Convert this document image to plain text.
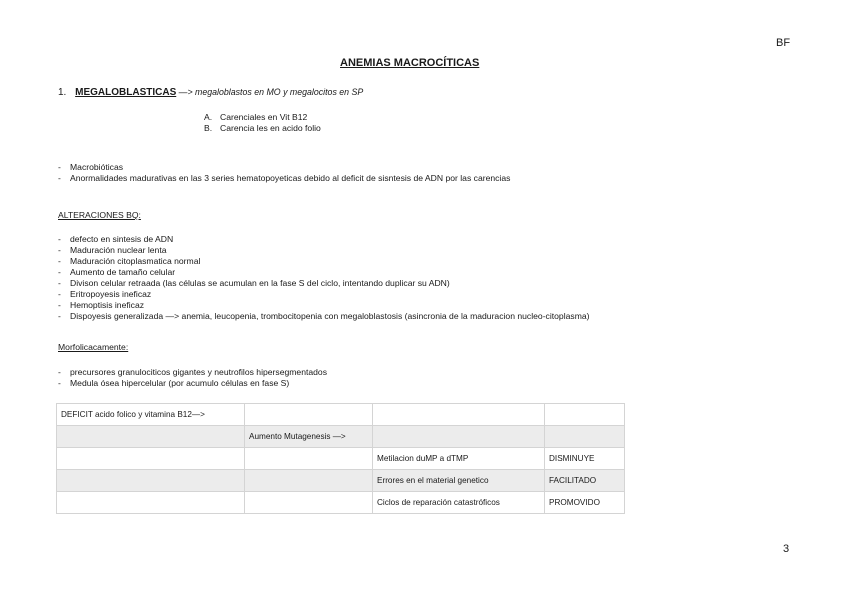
BF
ANEMIAS MACROCÍTICAS
1. MEGALOBLASTICAS —> megaloblastos en MO y megalocitos en SP
A. Carenciales en Vit B12
B. Carencia les en acido folio
- Macrobióticas
- Anormalidades madurativas en las 3 series hematopoyeticas debido al deficit de sisntesis de ADN por las carencias
ALTERACIONES BQ:
- defecto en sintesis de ADN
- Maduración nuclear lenta
- Maduración citoplasmatica normal
- Aumento de tamaño celular
- Divison celular retraada (las células se acumulan en la fase S del ciclo, intentando duplicar su ADN)
- Eritropoyesis ineficaz
- Hemoptisis ineficaz
- Dispoyesis generalizada —> anemia, leucopenia, trombocitopenia con megaloblastosis (asincronia de la maduracion nucleo-citoplasma)
Morfolicacamente:
- precursores granulociticos gigantes y neutrofilos hipersegmentados
- Medula ósea hipercelular (por acumulo células en fase S)
DEFICIT acido folico y vitamina B12—>			
	Aumento Mutagenesis —>		
		Metilacion duMP a dTMP	DISMINUYE
		Errores en el material genetico	FACILITADO
		Ciclos de reparación catastróficos	PROMOVIDO
3
